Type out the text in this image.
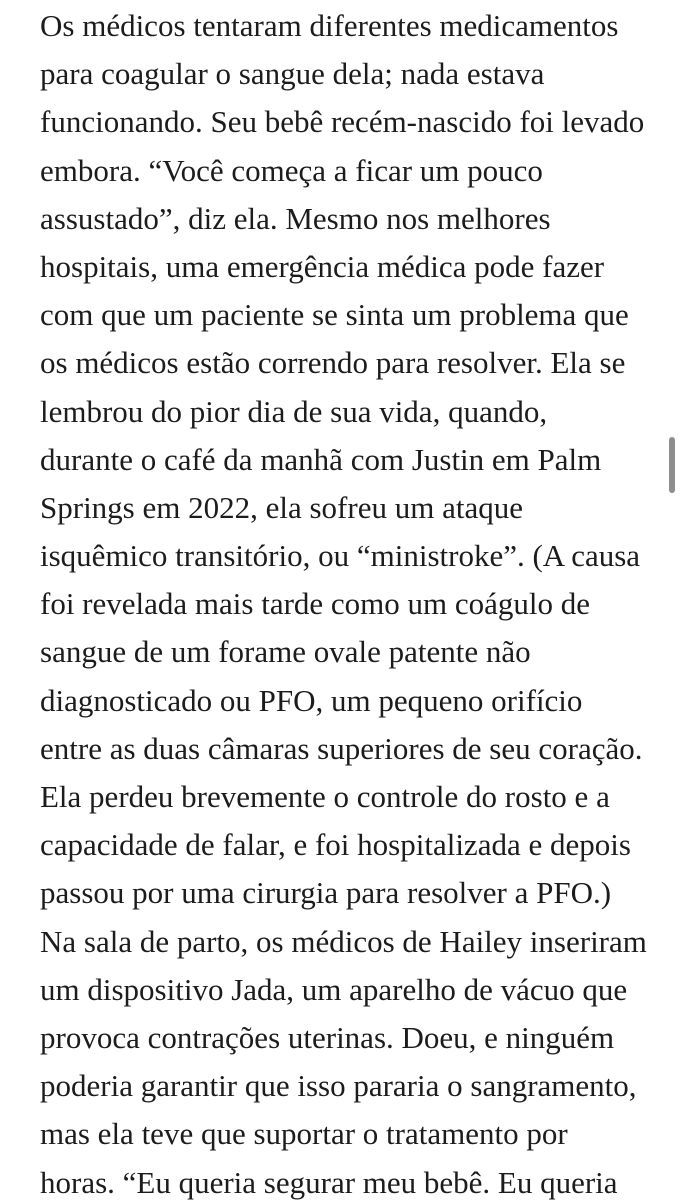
Os médicos tentaram diferentes medicamentos
para coagular o sangue dela; nada estava
funcionando. Seu bebê recém-nascido foi levado
embora. “Você começa a ficar um pouco
assustado”, diz ela. Mesmo nos melhores
hospitais, uma emergência médica pode fazer
com que um paciente se sinta um problema que
os médicos estão correndo para resolver. Ela se
lembrou do pior dia de sua vida, quando,
durante o café da manhã com Justin em Palm
Springs em 2022, ela sofreu um ataque
isquêmico transitório, ou “ministroke”. (A causa
foi revelada mais tarde como um coágulo de
sangue de um forame ovale patente não
diagnosticado ou PFO, um pequeno orifício
entre as duas câmaras superiores de seu coração.
Ela perdeu brevemente o controle do rosto e a
capacidade de falar, e foi hospitalizada e depois
passou por uma cirurgia para resolver a PFO.)
Na sala de parto, os médicos de Hailey inseriram
um dispositivo Jada, um aparelho de vácuo que
provoca contrações uterinas. Doeu, e ninguém
poderia garantir que isso pararia o sangramento,
mas ela teve que suportar o tratamento por
horas. “Eu queria segurar meu bebê. Eu queria
